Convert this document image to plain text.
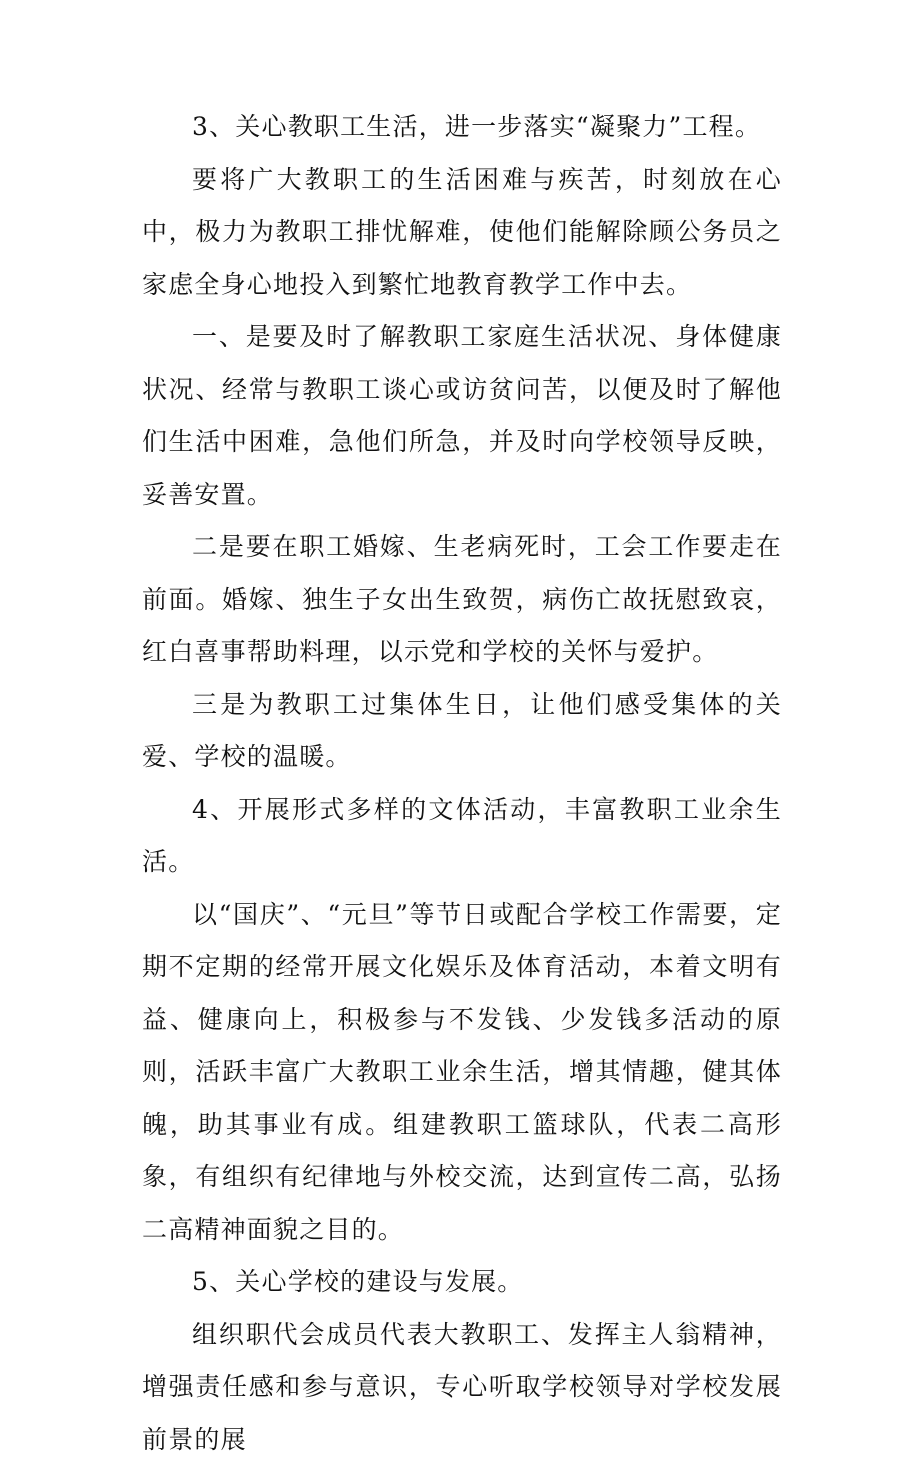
3、关心教职工生活，进一步落实“凝聚力”工程。

要将广大教职工的生活困难与疾苦，时刻放在心中，极力为教职工排忧解难，使他们能解除顾公务员之家虑全身心地投入到繁忙地教育教学工作中去。

一、是要及时了解教职工家庭生活状况、身体健康状况、经常与教职工谈心或访贫问苦，以便及时了解他们生活中困难，急他们所急，并及时向学校领导反映，妥善安置。

二是要在职工婚嫁、生老病死时，工会工作要走在前面。婚嫁、独生子女出生致贺，病伤亡故抚慰致哀，红白喜事帮助料理，以示党和学校的关怀与爱护。

三是为教职工过集体生日，让他们感受集体的关爱、学校的温暖。

4、开展形式多样的文体活动，丰富教职工业余生活。

以“国庆”、“元旦”等节日或配合学校工作需要，定期不定期的经常开展文化娱乐及体育活动，本着文明有益、健康向上，积极参与不发钱、少发钱多活动的原则，活跃丰富广大教职工业余生活，增其情趣，健其体魄，助其事业有成。组建教职工篮球队，代表二高形象，有组织有纪律地与外校交流，达到宣传二高，弘扬二高精神面貌之目的。

5、关心学校的建设与发展。

组织职代会成员代表大教职工、发挥主人翁精神，增强责任感和参与意识，专心听取学校领导对学校发展前景的展
